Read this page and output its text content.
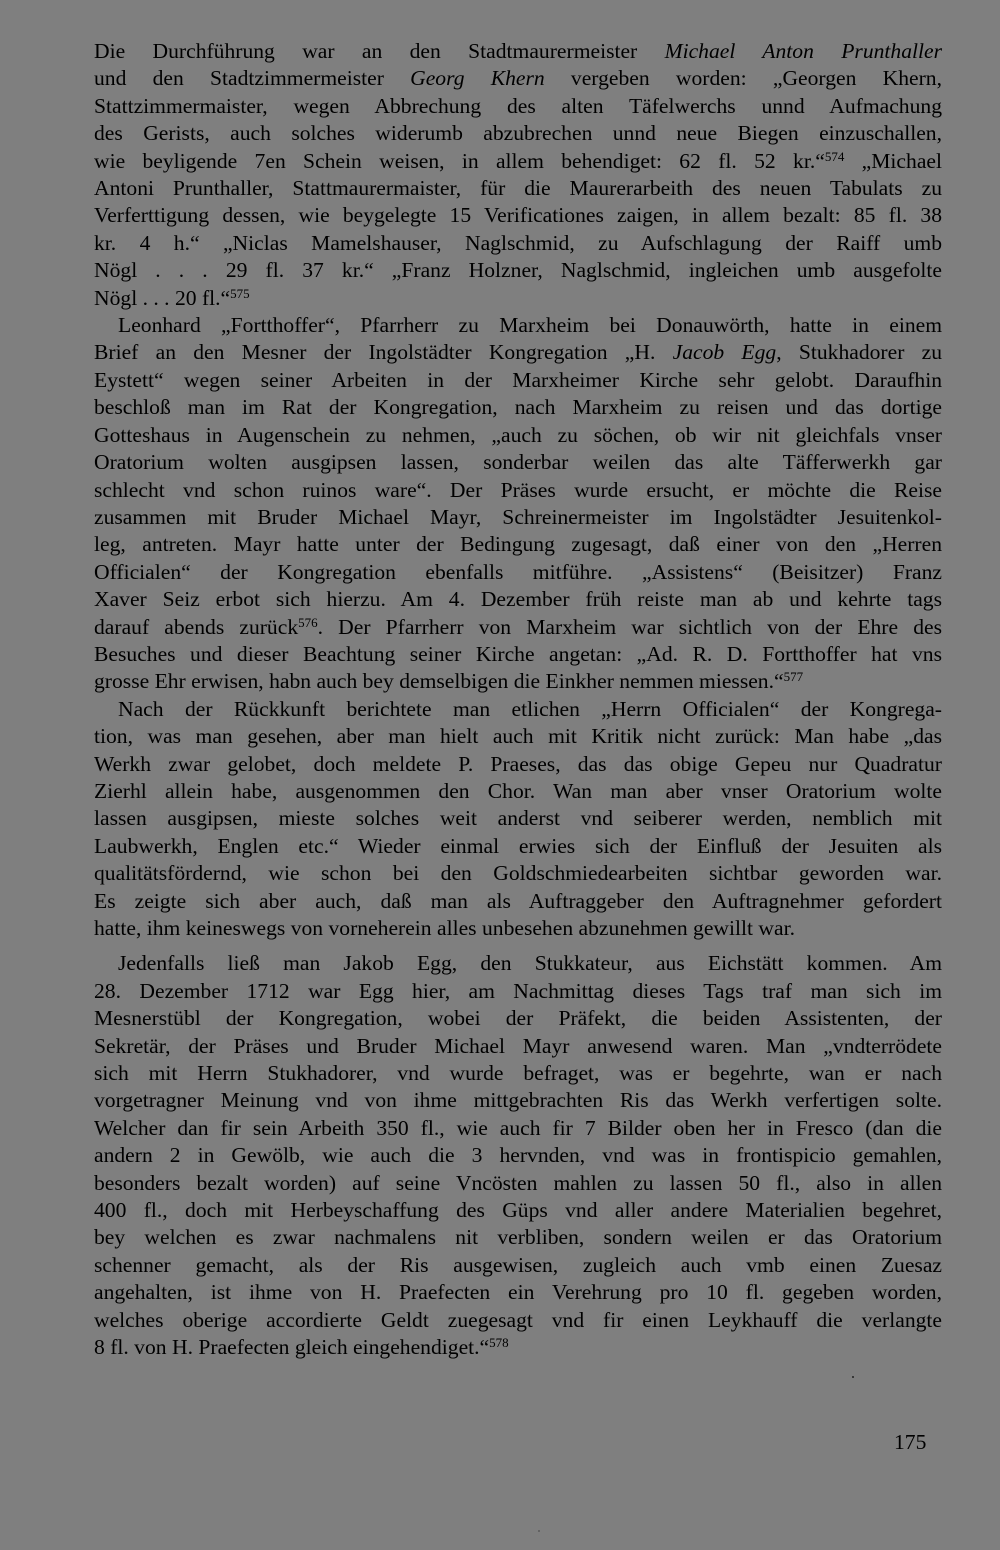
Die Durchführung war an den Stadtmaurermeister Michael Anton Prunthaller
und den Stadtzimmermeister Georg Khern vergeben worden: „Georgen Khern,
Stattzimmermaister, wegen Abbrechung des alten Täfelwerchs unnd Aufmachung
des Gerists, auch solches widerumb abzubrechen unnd neue Biegen einzuschallen,
wie beyligende 7en Schein weisen, in allem behendiget: 62 fl. 52 kr.“$^{574}$ „Michael
Antoni Prunthaller, Stattmaurermaister, für die Maurerarbeith des neuen Tabulats zu
Verferttigung dessen, wie beygelegte 15 Verificationes zaigen, in allem bezalt: 85 fl. 38
kr. 4 h.“ „Niclas Mamelshauser, Naglschmid, zu Aufschlagung der Raiff umb
Nögl . . . 29 fl. 37 kr.“ „Franz Holzner, Naglschmid, ingleichen umb ausgefolte
Nögl . . . 20 fl.“$^{575}$
Leonhard „Fortthoffer“, Pfarrherr zu Marxheim bei Donauwörth, hatte in einem
Brief an den Mesner der Ingolstädter Kongregation „H. Jacob Egg, Stukhadorer zu
Eystett“ wegen seiner Arbeiten in der Marxheimer Kirche sehr gelobt. Daraufhin
beschloß man im Rat der Kongregation, nach Marxheim zu reisen und das dortige
Gotteshaus in Augenschein zu nehmen, „auch zu söchen, ob wir nit gleichfals vnser
Oratorium wolten ausgipsen lassen, sonderbar weilen das alte Täfferwerkh gar
schlecht vnd schon ruinos ware“. Der Präses wurde ersucht, er möchte die Reise
zusammen mit Bruder Michael Mayr, Schreinermeister im Ingolstädter Jesuitenkol-
leg, antreten. Mayr hatte unter der Bedingung zugesagt, daß einer von den „Herren
Officialen“ der Kongregation ebenfalls mitführe. „Assistens“ (Beisitzer) Franz
Xaver Seiz erbot sich hierzu. Am 4. Dezember früh reiste man ab und kehrte tags
darauf abends zurück$^{576}$. Der Pfarrherr von Marxheim war sichtlich von der Ehre des
Besuches und dieser Beachtung seiner Kirche angetan: „Ad. R. D. Fortthoffer hat vns
grosse Ehr erwisen, habn auch bey demselbigen die Einkher nemmen miessen.“$^{577}$
Nach der Rückkunft berichtete man etlichen „Herrn Officialen“ der Kongrega-
tion, was man gesehen, aber man hielt auch mit Kritik nicht zurück: Man habe „das
Werkh zwar gelobet, doch meldete P. Praeses, das das obige Gepeu nur Quadratur
Zierhl allein habe, ausgenommen den Chor. Wan man aber vnser Oratorium wolte
lassen ausgipsen, mieste solches weit anderst vnd seiberer werden, nemblich mit
Laubwerkh, Englen etc.“ Wieder einmal erwies sich der Einfluß der Jesuiten als
qualitätsfördernd, wie schon bei den Goldschmiedearbeiten sichtbar geworden war.
Es zeigte sich aber auch, daß man als Auftraggeber den Auftragnehmer gefordert
hatte, ihm keineswegs von vorneherein alles unbesehen abzunehmen gewillt war.
Jedenfalls ließ man Jakob Egg, den Stukkateur, aus Eichstätt kommen. Am
28. Dezember 1712 war Egg hier, am Nachmittag dieses Tags traf man sich im
Mesnerstübl der Kongregation, wobei der Präfekt, die beiden Assistenten, der
Sekretär, der Präses und Bruder Michael Mayr anwesend waren. Man „vndterrödete
sich mit Herrn Stukhadorer, vnd wurde befraget, was er begehrte, wan er nach
vorgetragner Meinung vnd von ihme mittgebrachten Ris das Werkh verfertigen solte.
Welcher dan fir sein Arbeith 350 fl., wie auch fir 7 Bilder oben her in Fresco (dan die
andern 2 in Gewölb, wie auch die 3 hervnden, vnd was in frontispicio gemahlen,
besonders bezalt worden) auf seine Vncösten mahlen zu lassen 50 fl., also in allen
400 fl., doch mit Herbeyschaffung des Güps vnd aller andere Materialien begehret,
bey welchen es zwar nachmalens nit verbliben, sondern weilen er das Oratorium
schenner gemacht, als der Ris ausgewisen, zugleich auch vmb einen Zuesaz
angehalten, ist ihme von H. Praefecten ein Verehrung pro 10 fl. gegeben worden,
welches oberige accordierte Geldt zuegesagt vnd fir einen Leykhauff die verlangte
8 fl. von H. Praefecten gleich eingehendiget.“$^{578}$
175
